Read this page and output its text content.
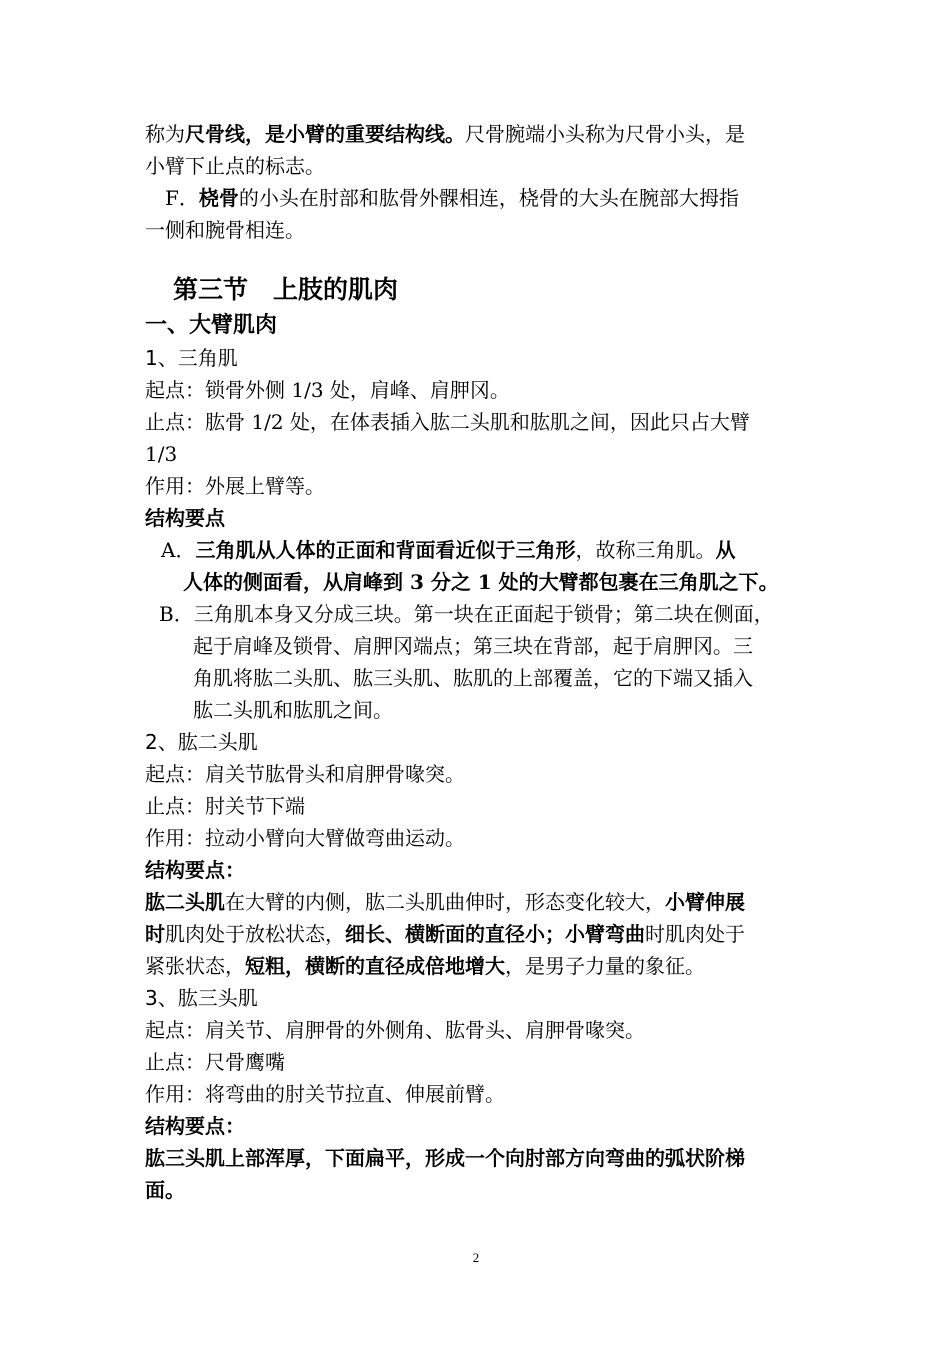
称为尺骨线，是小臂的重要结构线。尺骨腕端小头称为尺骨小头，是
小臂下止点的标志。
F．桡骨的小头在肘部和肱骨外髁相连，桡骨的大头在腕部大拇指
一侧和腕骨相连。
第三节　上肢的肌肉
一、大臂肌肉
1、三角肌
起点：锁骨外侧 1/3 处，肩峰、肩胛冈。
止点：肱骨 1/2 处，在体表插入肱二头肌和肱肌之间，因此只占大臂
1/3
作用：外展上臂等。
结构要点
A．三角肌从人体的正面和背面看近似于三角形，故称三角肌。从
人体的侧面看，从肩峰到 3 分之 1 处的大臂都包裹在三角肌之下。
B．三角肌本身又分成三块。第一块在正面起于锁骨；第二块在侧面，
起于肩峰及锁骨、肩胛冈端点；第三块在背部，起于肩胛冈。三
角肌将肱二头肌、肱三头肌、肱肌的上部覆盖，它的下端又插入
肱二头肌和肱肌之间。
2、肱二头肌
起点：肩关节肱骨头和肩胛骨喙突。
止点：肘关节下端
作用：拉动小臂向大臂做弯曲运动。
结构要点：
肱二头肌在大臂的内侧，肱二头肌曲伸时，形态变化较大，小臂伸展
时肌肉处于放松状态，细长、横断面的直径小；小臂弯曲时肌肉处于
紧张状态，短粗，横断的直径成倍地增大，是男子力量的象征。
3、肱三头肌
起点：肩关节、肩胛骨的外侧角、肱骨头、肩胛骨喙突。
止点：尺骨鹰嘴
作用：将弯曲的肘关节拉直、伸展前臂。
结构要点：
肱三头肌上部浑厚，下面扁平，形成一个向肘部方向弯曲的弧状阶梯
面。
2
